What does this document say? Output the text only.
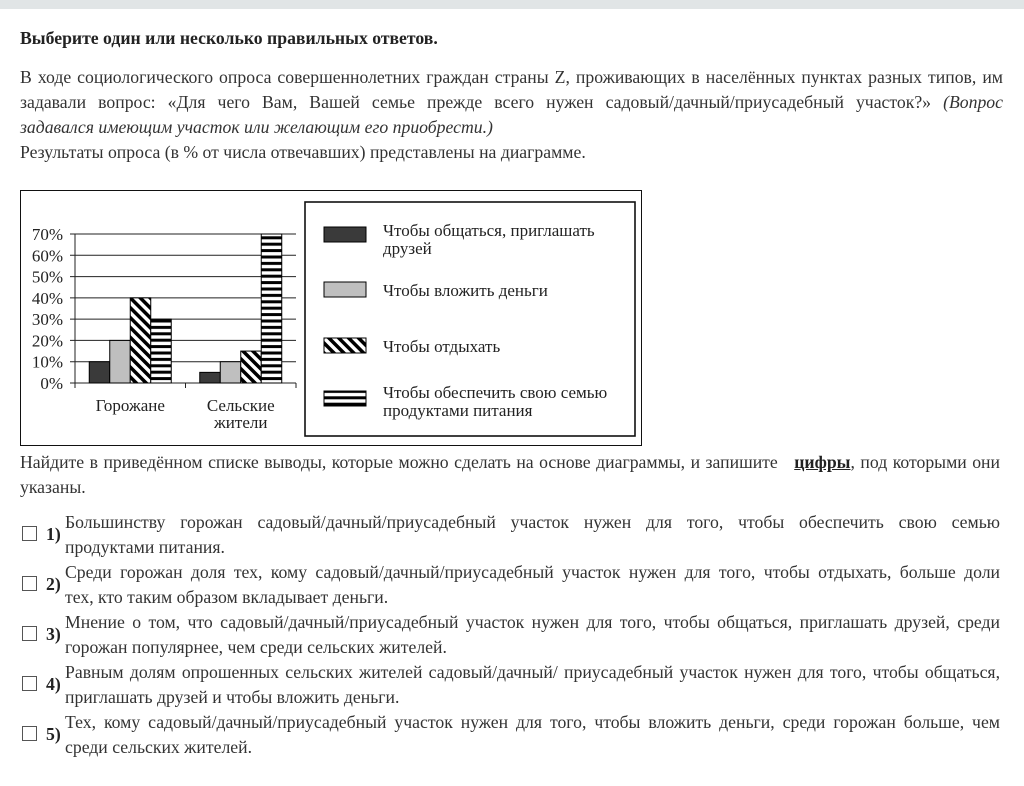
Выберите один или несколько правильных ответов.
В ходе социологического опроса совершеннолетних граждан страны Z, проживающих в населённых пунктах разных типов, им
задавали вопрос: «Для чего Вам, Вашей семье прежде всего нужен садовый/дачный/приусадебный участок?» (Вопрос
задавался имеющим участок или желающим его приобрести.)
Результаты опроса (в % от числа отвечавших) представлены на диаграмме.
0%
10%
20%
30%
40%
50%
60%
70%
Горожане Сельские жители
Чтобы общаться, приглашать друзей
Чтобы вложить деньги
Чтобы отдыхать
Чтобы обеспечить свою семью продуктами питания
Найдите в приведённом списке выводы, которые можно сделать на основе диаграммы, и запишите цифры, под которыми они
указаны.
1)
Большинству горожан садовый/дачный/приусадебный участок нужен для того, чтобы обеспечить свою семью
продуктами питания.
2)
Среди горожан доля тех, кому садовый/дачный/приусадебный участок нужен для того, чтобы отдыхать, больше доли
тех, кто таким образом вкладывает деньги.
3)
Мнение о том, что садовый/дачный/приусадебный участок нужен для того, чтобы общаться, приглашать друзей, среди
горожан популярнее, чем среди сельских жителей.
4)
Равным долям опрошенных сельских жителей садовый/дачный/ приусадебный участок нужен для того, чтобы общаться,
приглашать друзей и чтобы вложить деньги.
5)
Тех, кому садовый/дачный/приусадебный участок нужен для того, чтобы вложить деньги, среди горожан больше, чем
среди сельских жителей.
